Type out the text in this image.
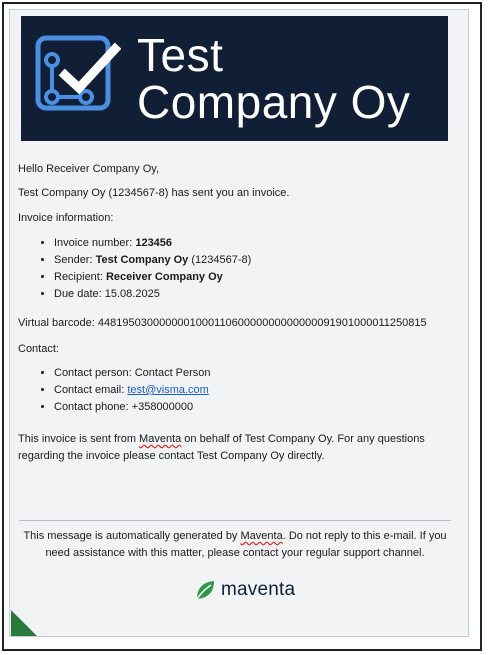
Test
Company Oy

Hello Receiver Company Oy,

Test Company Oy (1234567-8) has sent you an invoice.

Invoice information:

• Invoice number: 123456
• Sender: Test Company Oy (1234567-8)
• Recipient: Receiver Company Oy
• Due date: 15.08.2025

Virtual barcode: 448195030000000100011060000000000000091901000011250815

Contact:

• Contact person: Contact Person
• Contact email: test@visma.com
• Contact phone: +358000000

This invoice is sent from Maventa on behalf of Test Company Oy. For any questions regarding the invoice please contact Test Company Oy directly.

This message is automatically generated by Maventa. Do not reply to this e-mail. If you need assistance with this matter, please contact your regular support channel.

maventa
